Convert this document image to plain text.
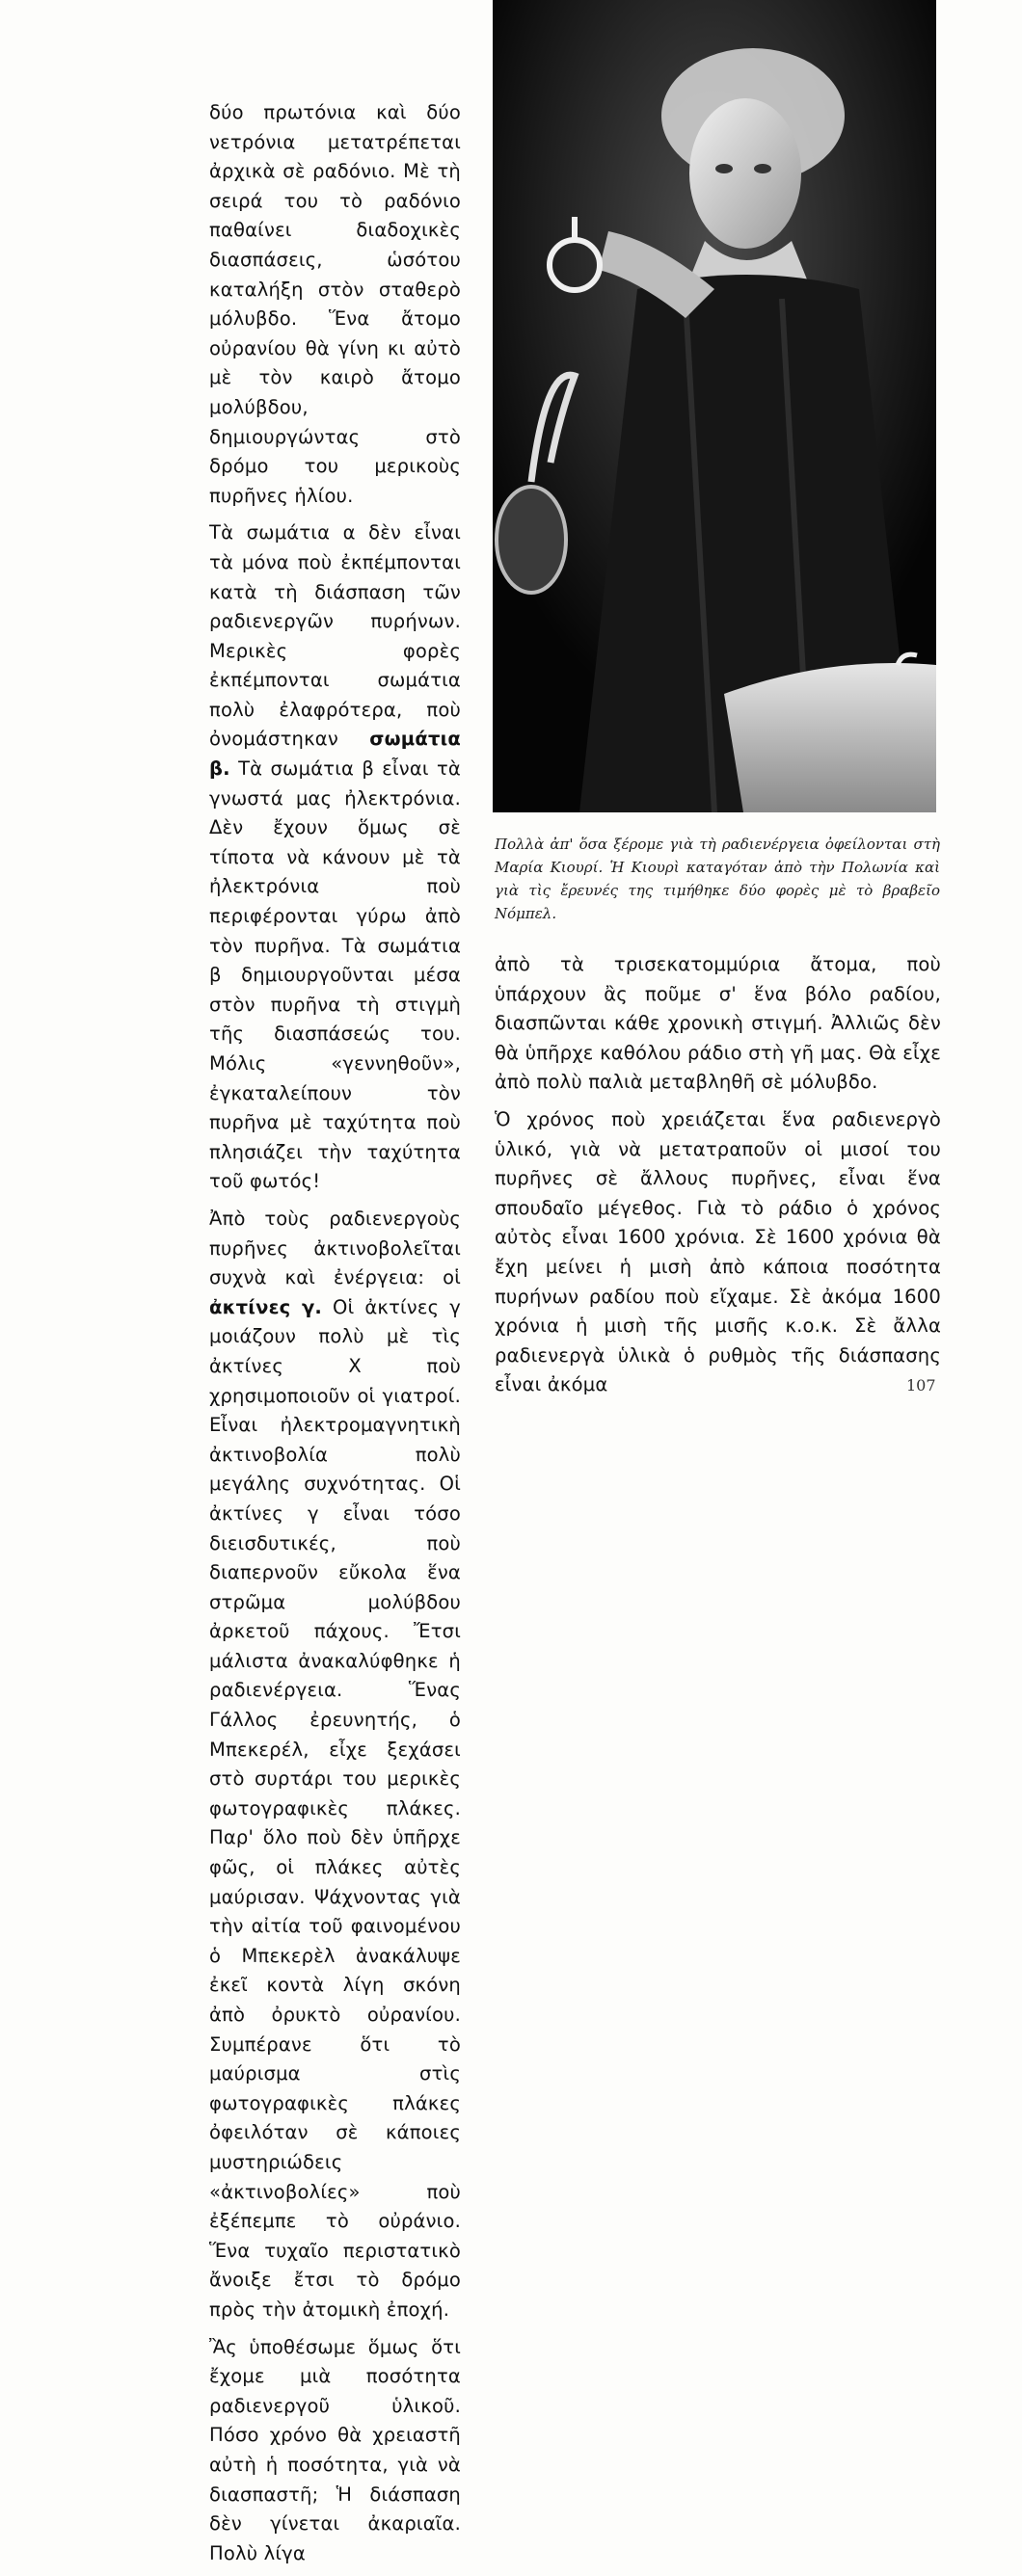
δύο πρωτόνια καὶ δύο νετρόνια μετατρέπεται ἀρχικὰ σὲ ραδόνιο. Μὲ τὴ σειρά του τὸ ραδόνιο παθαίνει διαδοχικὲς διασπάσεις, ὡσότου καταλήξη στὸν σταθερὸ μόλυβδο. Ἕνα ἄτομο οὐρανίου θὰ γίνη κι αὐτὸ μὲ τὸν καιρὸ ἄτομο μολύβδου, δημιουργώντας στὸ δρόμο του μερικοὺς πυρῆνες ἡλίου.

Τὰ σωμάτια α δὲν εἶναι τὰ μόνα ποὺ ἐκπέμπονται κατὰ τὴ διάσπαση τῶν ραδιενεργῶν πυρήνων. Μερικὲς φορὲς ἐκπέμπονται σωμάτια πολὺ ἐλαφρότερα, ποὺ ὀνομάστηκαν σωμάτια β. Τὰ σωμάτια β εἶναι τὰ γνωστά μας ἠλεκτρόνια. Δὲν ἔχουν ὅμως σὲ τίποτα νὰ κάνουν μὲ τὰ ἠλεκτρόνια ποὺ περιφέρονται γύρω ἀπὸ τὸν πυρῆνα. Τὰ σωμάτια β δημιουργοῦνται μέσα στὸν πυρῆνα τὴ στιγμὴ τῆς διασπάσεώς του. Μόλις «γεννηθοῦν», ἐγκαταλείπουν τὸν πυρῆνα μὲ ταχύτητα ποὺ πλησιάζει τὴν ταχύτητα τοῦ φωτός!

Ἀπὸ τοὺς ραδιενεργοὺς πυρῆνες ἀκτινοβολεῖται συχνὰ καὶ ἐνέργεια: οἱ ἀκτίνες γ. Οἱ ἀκτίνες γ μοιάζουν πολὺ μὲ τὶς ἀκτίνες Χ ποὺ χρησιμοποιοῦν οἱ γιατροί. Εἶναι ἠλεκτρομαγνητικὴ ἀκτινοβολία πολὺ μεγάλης συχνότητας. Οἱ ἀκτίνες γ εἶναι τόσο διεισδυτικές, ποὺ διαπερνοῦν εὔκολα ἕνα στρῶμα μολύβδου ἀρκετοῦ πάχους. Ἔτσι μάλιστα ἀνακαλύφθηκε ἡ ραδιενέργεια. Ἕνας Γάλλος ἐρευνητής, ὁ Μπεκερέλ, εἶχε ξεχάσει στὸ συρτάρι του μερικὲς φωτογραφικὲς πλάκες. Παρ' ὅλο ποὺ δὲν ὑπῆρχε φῶς, οἱ πλάκες αὐτὲς μαύρισαν. Ψάχνοντας γιὰ τὴν αἰτία τοῦ φαινομένου ὁ Μπεκερὲλ ἀνακάλυψε ἐκεῖ κοντὰ λίγη σκόνη ἀπὸ ὀρυκτὸ οὐρανίου. Συμπέρανε ὅτι τὸ μαύρισμα στὶς φωτογραφικὲς πλάκες ὀφειλόταν σὲ κάποιες μυστηριώδεις «ἀκτινοβολίες» ποὺ ἐξέπεμπε τὸ οὐράνιο. Ἕνα τυχαῖο περιστατικὸ ἄνοιξε ἔτσι τὸ δρόμο πρὸς τὴν ἀτομικὴ ἐποχή.

Ἂς ὑποθέσωμε ὅμως ὅτι ἔχομε μιὰ ποσότητα ραδιενεργοῦ ὑλικοῦ. Πόσο χρόνο θὰ χρειαστῆ αὐτὴ ἡ ποσότητα, γιὰ νὰ διασπαστῆ; Ἡ διάσπαση δὲν γίνεται ἀκαριαῖα. Πολὺ λίγα

Πολλὰ ἀπ' ὅσα ξέρομε γιὰ τὴ ραδιενέργεια ὀφείλονται στὴ Μαρία Κιουρί. Ἡ Κιουρὶ καταγόταν ἀπὸ τὴν Πολωνία καὶ γιὰ τὶς ἔρευνές της τιμήθηκε δύο φορὲς μὲ τὸ βραβεῖο Νόμπελ.

ἀπὸ τὰ τρισεκατομμύρια ἄτομα, ποὺ ὑπάρχουν ἂς ποῦμε σ' ἕνα βόλο ραδίου, διασπῶνται κάθε χρονικὴ στιγμή. Ἀλλιῶς δὲν θὰ ὑπῆρχε καθόλου ράδιο στὴ γῆ μας. Θὰ εἶχε ἀπὸ πολὺ παλιὰ μεταβληθῆ σὲ μόλυβδο.

Ὁ χρόνος ποὺ χρειάζεται ἕνα ραδιενεργὸ ὑλικό, γιὰ νὰ μετατραποῦν οἱ μισοί του πυρῆνες σὲ ἄλλους πυρῆνες, εἶναι ἕνα σπουδαῖο μέγεθος. Γιὰ τὸ ράδιο ὁ χρόνος αὐτὸς εἶναι 1600 χρόνια. Σὲ 1600 χρόνια θὰ ἔχη μείνει ἡ μισὴ ἀπὸ κάποια ποσότητα πυρήνων ραδίου ποὺ εἴχαμε. Σὲ ἀκόμα 1600 χρόνια ἡ μισὴ τῆς μισῆς κ.ο.κ. Σὲ ἄλλα ραδιενεργὰ ὑλικὰ ὁ ρυθμὸς τῆς διάσπασης εἶναι ἀκόμα	107
